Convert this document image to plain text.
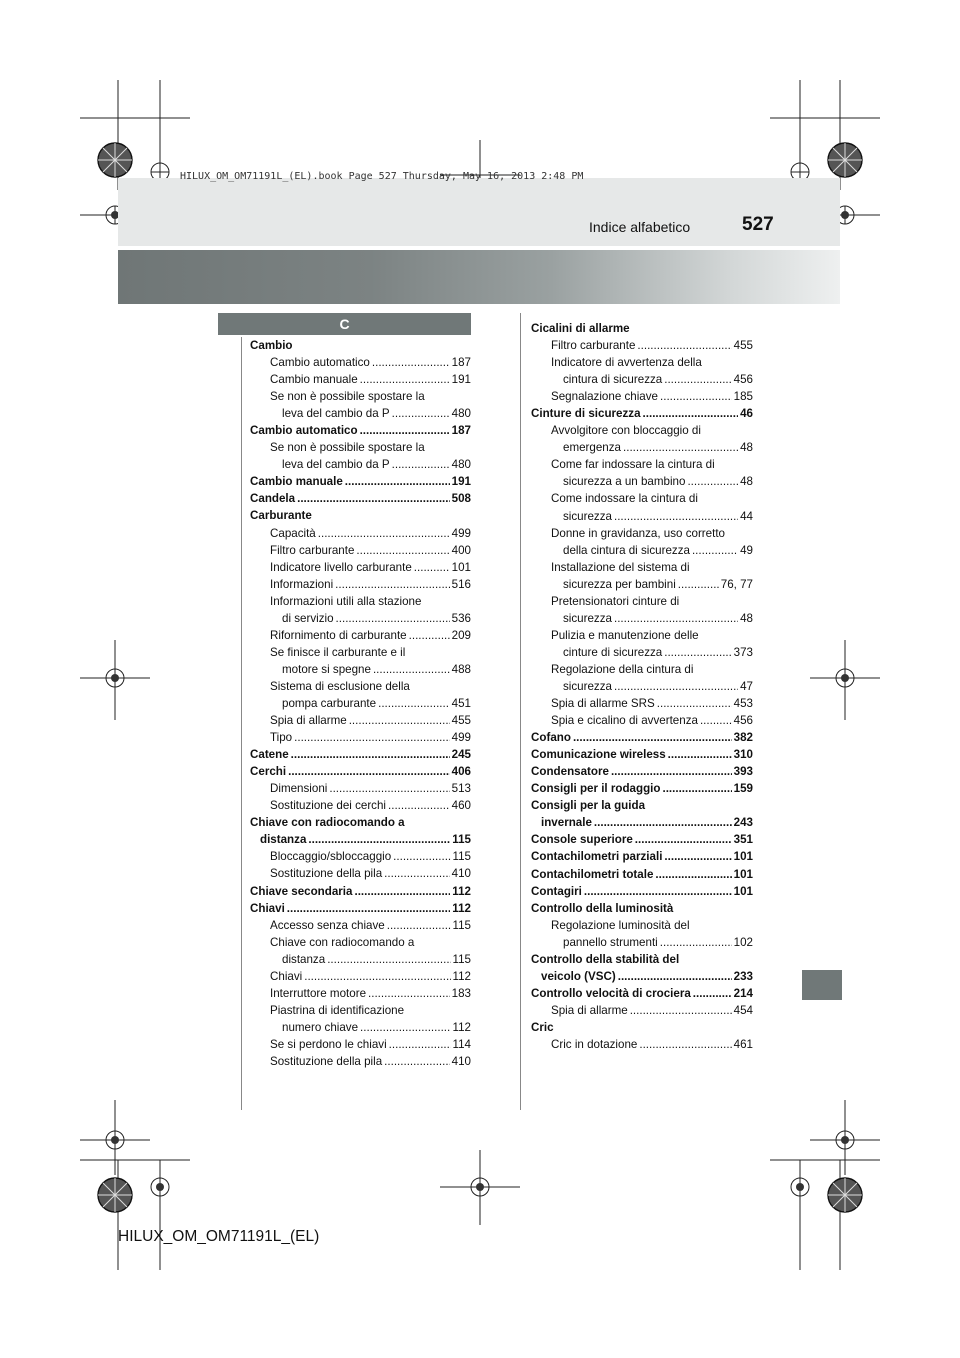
HILUX_OM_OM71191L_(EL).book Page 527 Thursday, May 16, 2013 2:48 PM
Indice alfabetico	527
C
Cambio
Cambio automatico .....	187
Cambio manuale .....	191
Se non è possibile spostare la
leva del cambio da P .....	480
Cambio automatico .....	187
Se non è possibile spostare la
leva del cambio da P .....	480
Cambio manuale .....	191
Candela .....	508
Carburante
Capacità .....	499
Filtro carburante .....	400
Indicatore livello carburante .....	101
Informazioni .....	516
Informazioni utili alla stazione
di servizio .....	536
Rifornimento di carburante .....	209
Se finisce il carburante e il
motore si spegne .....	488
Sistema di esclusione della
pompa carburante .....	451
Spia di allarme .....	455
Tipo .....	499
Catene .....	245
Cerchi .....	406
Dimensioni .....	513
Sostituzione dei cerchi .....	460
Chiave con radiocomando a
distanza .....	115
Bloccaggio/sbloccaggio .....	115
Sostituzione della pila .....	410
Chiave secondaria .....	112
Chiavi .....	112
Accesso senza chiave .....	115
Chiave con radiocomando a
distanza .....	115
Chiavi .....	112
Interruttore motore .....	183
Piastrina di identificazione
numero chiave .....	112
Se si perdono le chiavi .....	114
Sostituzione della pila .....	410
Cicalini di allarme
Filtro carburante .....	455
Indicatore di avvertenza della
cintura di sicurezza .....	456
Segnalazione chiave .....	185
Cinture di sicurezza .....	46
Avvolgitore con bloccaggio di
emergenza .....	48
Come far indossare la cintura di
sicurezza a un bambino .....	48
Come indossare la cintura di
sicurezza .....	44
Donne in gravidanza, uso corretto
della cintura di sicurezza .....	49
Installazione del sistema di
sicurezza per bambini .....	76, 77
Pretensionatori cinture di
sicurezza .....	48
Pulizia e manutenzione delle
cinture di sicurezza .....	373
Regolazione della cintura di
sicurezza .....	47
Spia di allarme SRS .....	453
Spia e cicalino di avvertenza .....	456
Cofano .....	382
Comunicazione wireless .....	310
Condensatore .....	393
Consigli per il rodaggio .....	159
Consigli per la guida
invernale .....	243
Console superiore .....	351
Contachilometri parziali .....	101
Contachilometri totale .....	101
Contagiri .....	101
Controllo della luminosità
Regolazione luminosità del
pannello strumenti .....	102
Controllo della stabilità del
veicolo (VSC) .....	233
Controllo velocità di crociera .....	214
Spia di allarme .....	454
Cric
Cric in dotazione .....	461
HILUX_OM_OM71191L_(EL)
